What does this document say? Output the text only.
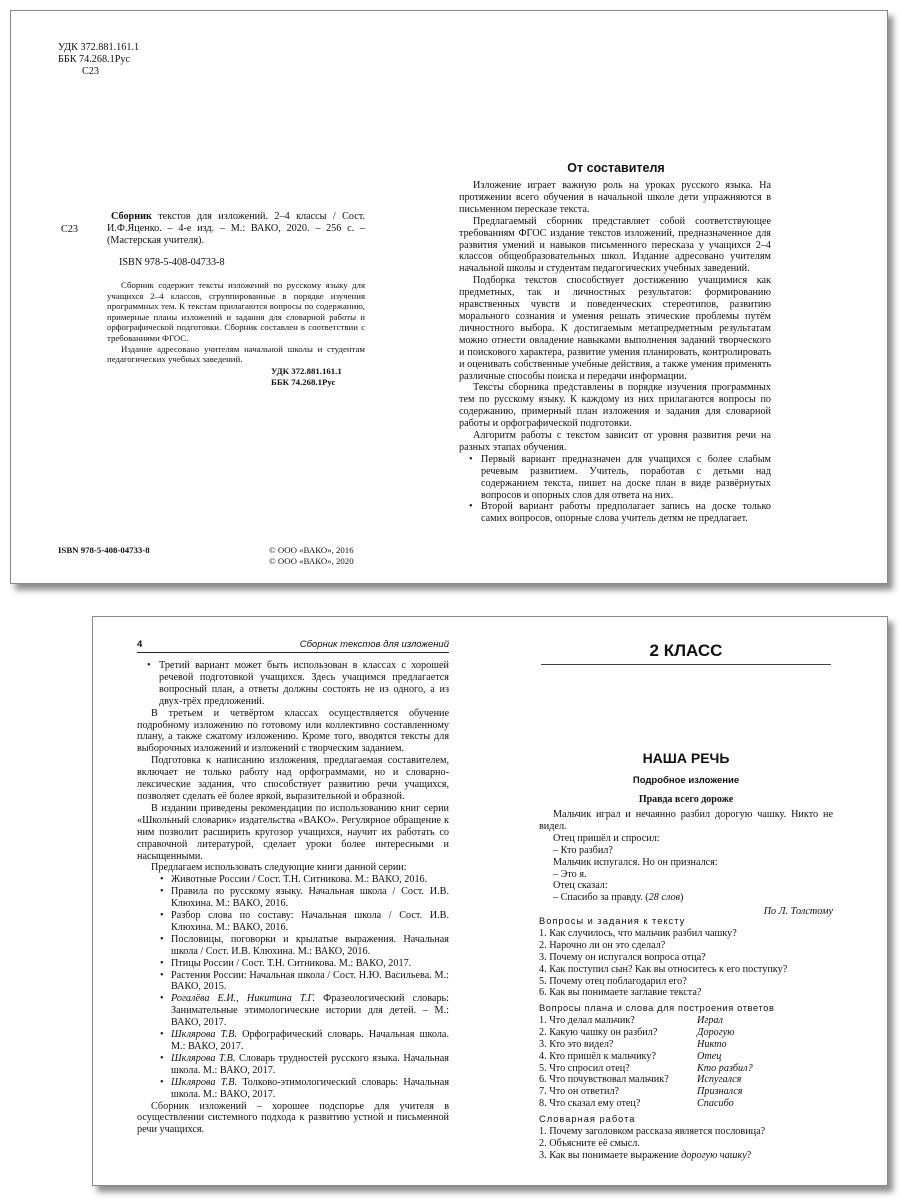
УДК 372.881.161.1
ББК 74.268.1Рус
С23
С23
Сборник текстов для изложений. 2–4 классы / Сост. И.Ф.Яценко. – 4-е изд. – М.: ВАКО, 2020. – 256 с. – (Мастерская учителя).
ISBN 978-5-408-04733-8

Сборник содержит тексты изложений по русскому языку для учащихся 2–4 классов, сгруппированные в порядке изучения программных тем. К текстам прилагаются вопросы по содержанию, примерные планы изложений и задания для словарной работы и орфографической подготовки. Сборник составлен в соответствии с требованиями ФГОС.

Издание адресовано учителям начальной школы и студентам педагогических учебных заведений.

УДК 372.881.161.1
ББК 74.268.1Рус
ISBN 978-5-408-04733-8	© ООО «ВАКО», 2016
© ООО «ВАКО», 2020
От составителя

Изложение играет важную роль на уроках русского языка. На протяжении всего обучения в начальной школе дети упражняются в письменном пересказе текста.

Предлагаемый сборник представляет собой соответствующее требованиям ФГОС издание текстов изложений, предназначенное для развития умений и навыков письменного пересказа у учащихся 2–4 классов общеобразовательных школ. Издание адресовано учителям начальной школы и студентам педагогических учебных заведений.

Подборка текстов способствует достижению учащимися как предметных, так и личностных результатов: формированию нравственных чувств и поведенческих стереотипов, развитию морального сознания и умения решать этические проблемы путём личностного выбора. К достигаемым метапредметным результатам можно отнести овладение навыками выполнения заданий творческого и поискового характера, развитие умения планировать, контролировать и оценивать собственные учебные действия, а также умения применять различные способы поиска и передачи информации.

Тексты сборника представлены в порядке изучения программных тем по русскому языку. К каждому из них прилагаются вопросы по содержанию, примерный план изложения и задания для словарной работы и орфографической подготовки.

Алгоритм работы с текстом зависит от уровня развития речи на разных этапах обучения.

• Первый вариант предназначен для учащихся с более слабым речевым развитием. Учитель, поработав с детьми над содержанием текста, пишет на доске план в виде развёрнутых вопросов и опорных слов для ответа на них.
• Второй вариант работы предполагает запись на доске только самих вопросов, опорные слова учитель детям не предлагает.
4	Сборник текстов для изложений
• Третий вариант может быть использован в классах с хорошей речевой подготовкой учащихся. Здесь учащимся предлагается вопросный план, а ответы должны состоять не из одного, а из двух-трёх предложений.

В третьем и четвёртом классах осуществляется обучение подробному изложению по готовому или коллективно составленному плану, а также сжатому изложению. Кроме того, вводятся тексты для выборочных изложений и изложений с творческим заданием.

Подготовка к написанию изложения, предлагаемая составителем, включает не только работу над орфограммами, но и словарно-лексические задания, что способствует развитию речи учащихся, позволяет сделать её более яркой, выразительной и образной.

В издании приведены рекомендации по использованию книг серии «Школьный словарик» издательства «ВАКО». Регулярное обращение к ним позволит расширить кругозор учащихся, научит их работать со справочной литературой, сделает уроки более интересными и насыщенными.

Предлагаем использовать следующие книги данной серии:

• Животные России / Сост. Т.Н. Ситникова. М.: ВАКО, 2016.
• Правила по русскому языку. Начальная школа / Сост. И.В. Клюхина. М.: ВАКО, 2016.
• Разбор слова по составу: Начальная школа / Сост. И.В. Клюхина. М.: ВАКО, 2016.
• Пословицы, поговорки и крылатые выражения. Начальная школа / Сост. И.В. Клюхина. М.: ВАКО, 2016.
• Птицы России / Сост. Т.Н. Ситникова. М.: ВАКО, 2017.
• Растения России: Начальная школа / Сост. Н.Ю. Васильева. М.: ВАКО, 2015.
• Рогалёва Е.И., Никитина Т.Г. Фразеологический словарь: Занимательные этимологические истории для детей. – М.: ВАКО, 2017.
• Шклярова Т.В. Орфографический словарь. Начальная школа. М.: ВАКО, 2017.
• Шклярова Т.В. Словарь трудностей русского языка. Начальная школа. М.: ВАКО, 2017.
• Шклярова Т.В. Толково-этимологический словарь: Начальная школа. М.: ВАКО, 2017.

Сборник изложений – хорошее подспорье для учителя в осуществлении системного подхода к развитию устной и письменной речи учащихся.

2 КЛАСС
НАША РЕЧЬ
Подробное изложение
Правда всего дороже

Мальчик играл и нечаянно разбил дорогую чашку. Никто не видел.

Отец пришёл и спросил:

– Кто разбил?

Мальчик испугался. Но он признался:

– Это я.

Отец сказал:

– Спасибо за правду. (28 слов)

По Л. Толстому
Вопросы и задания к тексту
1. Как случилось, что мальчик разбил чашку?
2. Нарочно ли он это сделал?
3. Почему он испугался вопроса отца?
4. Как поступил сын? Как вы относитесь к его поступку?
5. Почему отец поблагодарил его?
6. Как вы понимаете заглавие текста?
Вопросы плана и слова для построения ответов
1. Что делал мальчик?	Играл
2. Какую чашку он разбил?	Дорогую
3. Кто это видел?	Никто
4. Кто пришёл к мальчику?	Отец
5. Что спросил отец?	Кто разбил?
6. Что почувствовал мальчик?	Испугался
7. Что он ответил?	Признался
8. Что сказал ему отец?	Спасибо
Словарная работа
1. Почему заголовком рассказа является пословица?
2. Объясните её смысл.
3. Как вы понимаете выражение дорогую чашку?
